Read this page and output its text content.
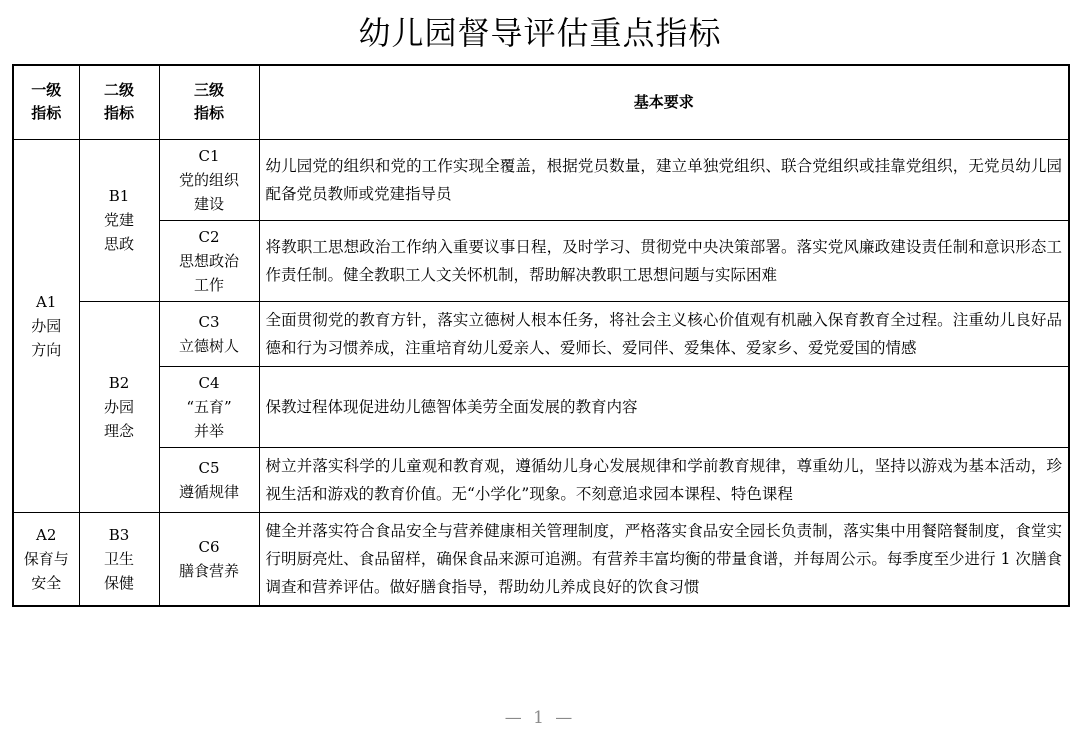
幼儿园督导评估重点指标
一级
指标	二级
指标	三级
指标	基本要求

A1
办园
方向	B1
党建
思政	C1
党的组织
建设	幼儿园党的组织和党的工作实现全覆盖，根据党员数量，建立单独党组织、联合党组织或挂靠党组织，无党员幼儿园配备党员教师或党建指导员

		C2
思想政治
工作	将教职工思想政治工作纳入重要议事日程，及时学习、贯彻党中央决策部署。落实党风廉政建设责任制和意识形态工作责任制。健全教职工人文关怀机制，帮助解决教职工思想问题与实际困难

	B2
办园
理念	C3
立德树人	全面贯彻党的教育方针，落实立德树人根本任务，将社会主义核心价值观有机融入保育教育全过程。注重幼儿良好品德和行为习惯养成，注重培育幼儿爱亲人、爱师长、爱同伴、爱集体、爱家乡、爱党爱国的情感

		C4
“五育”
并举	保教过程体现促进幼儿德智体美劳全面发展的教育内容

		C5
遵循规律	树立并落实科学的儿童观和教育观，遵循幼儿身心发展规律和学前教育规律，尊重幼儿，坚持以游戏为基本活动，珍视生活和游戏的教育价值。无“小学化”现象。不刻意追求园本课程、特色课程

A2
保育与
安全	B3
卫生
保健	C6
膳食营养	健全并落实符合食品安全与营养健康相关管理制度，严格落实食品安全园长负责制，落实集中用餐陪餐制度，食堂实行明厨亮灶、食品留样，确保食品来源可追溯。有营养丰富均衡的带量食谱，并每周公示。每季度至少进行 1 次膳食调查和营养评估。做好膳食指导，帮助幼儿养成良好的饮食习惯
— 1 —
